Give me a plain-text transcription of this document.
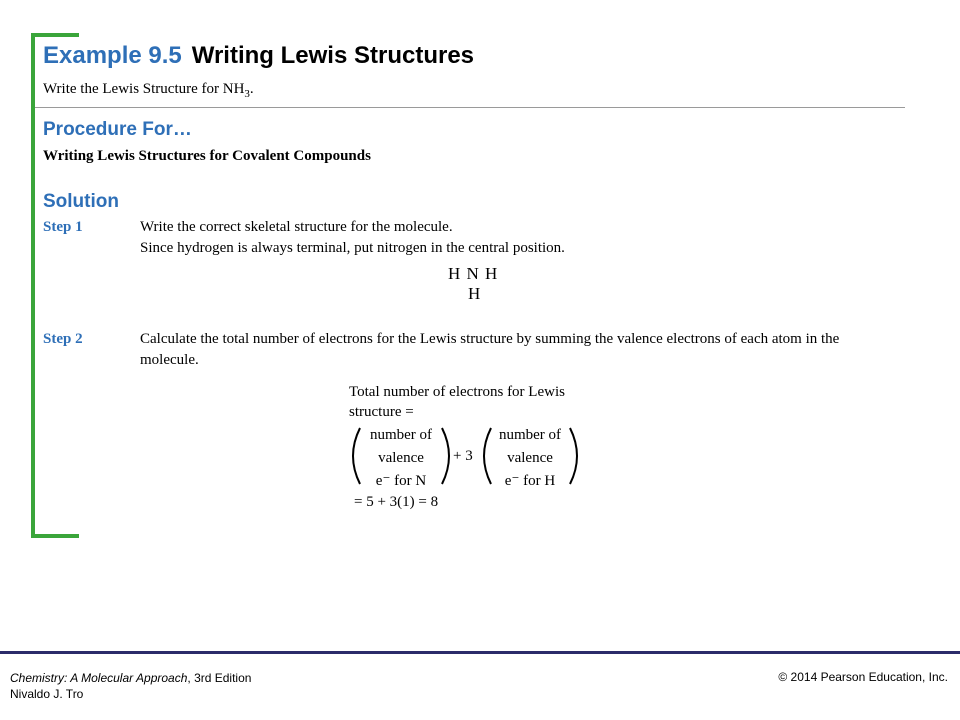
Example 9.5 Writing Lewis Structures
Write the Lewis Structure for $NH_3$.
Procedure For…
Writing Lewis Structures for Covalent Compounds
Solution
Step 1	Write the correct skeletal structure for the molecule.
Since hydrogen is always terminal, put nitrogen in the central position.
H N H
H
Step 2	Calculate the total number of electrons for the Lewis structure by summing the valence electrons of each atom in the molecule.
Total number of electrons for Lewis
structure =
number of
valence
e⁻ for N
+ 3
number of
valence
e⁻ for H
= 5 + 3(1) = 8
Chemistry: A Molecular Approach, 3rd Edition
Nivaldo J. Tro
© 2014 Pearson Education, Inc.
